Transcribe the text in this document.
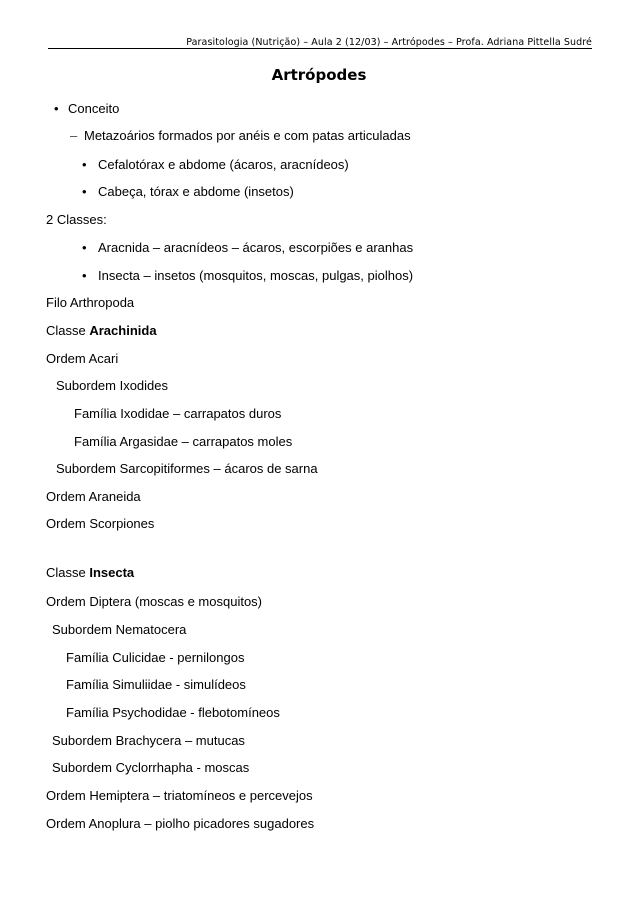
Parasitologia (Nutrição) – Aula 2 (12/03) – Artrópodes – Profa. Adriana Pittella Sudré
Artrópodes
• Conceito
– Metazoários formados por anéis e com patas articuladas
• Cefalotórax e abdome (ácaros, aracnídeos)
• Cabeça, tórax e abdome (insetos)
2 Classes:
• Aracnida – aracnídeos – ácaros, escorpiões e aranhas
• Insecta – insetos (mosquitos, moscas, pulgas, piolhos)
Filo Arthropoda
Classe Arachinida
Ordem Acari
Subordem Ixodides
Família Ixodidae – carrapatos duros
Família Argasidae – carrapatos moles
Subordem Sarcopitiformes – ácaros de sarna
Ordem Araneida
Ordem Scorpiones
Classe Insecta
Ordem Diptera (moscas e mosquitos)
Subordem Nematocera
Família Culicidae - pernilongos
Família Simuliidae - simulídeos
Família Psychodidae - flebotomíneos
Subordem Brachycera – mutucas
Subordem Cyclorrhapha - moscas
Ordem Hemiptera – triatomíneos e percevejos
Ordem Anoplura – piolho picadores sugadores
